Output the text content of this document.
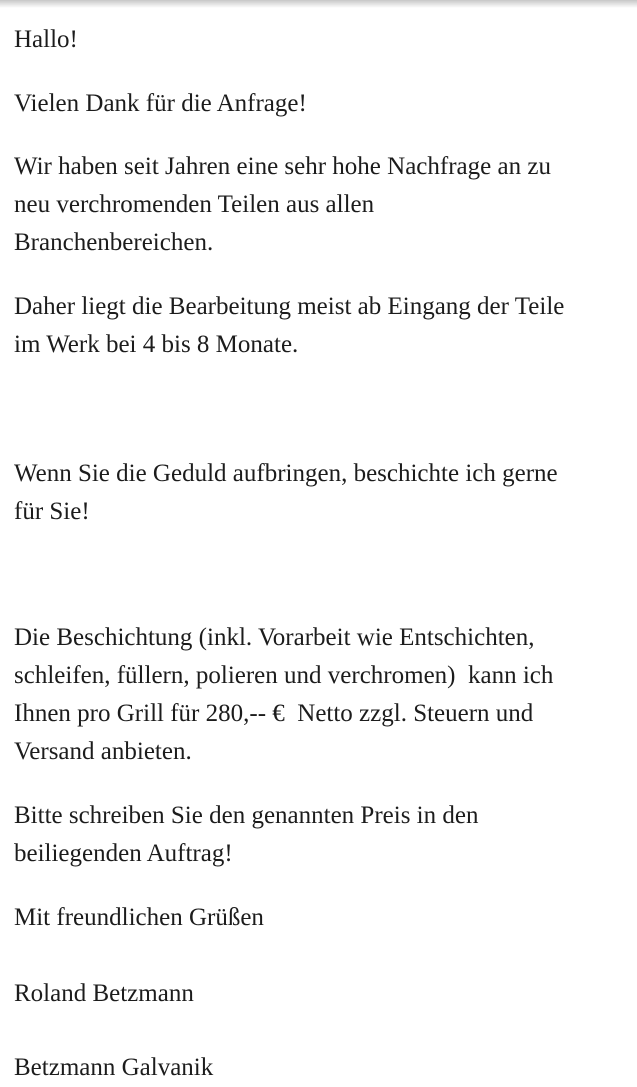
Hallo!

Vielen Dank für die Anfrage!

Wir haben seit Jahren eine sehr hohe Nachfrage an zu
neu verchromenden Teilen aus allen
Branchenbereichen.

Daher liegt die Bearbeitung meist ab Eingang der Teile
im Werk bei 4 bis 8 Monate.

Wenn Sie die Geduld aufbringen, beschichte ich gerne
für Sie!

Die Beschichtung (inkl. Vorarbeit wie Entschichten,
schleifen, füllern, polieren und verchromen)  kann ich
Ihnen pro Grill für 280,-- €  Netto zzgl. Steuern und
Versand anbieten.

Bitte schreiben Sie den genannten Preis in den
beiliegenden Auftrag!

Mit freundlichen Grüßen

Roland Betzmann

Betzmann Galvanik
